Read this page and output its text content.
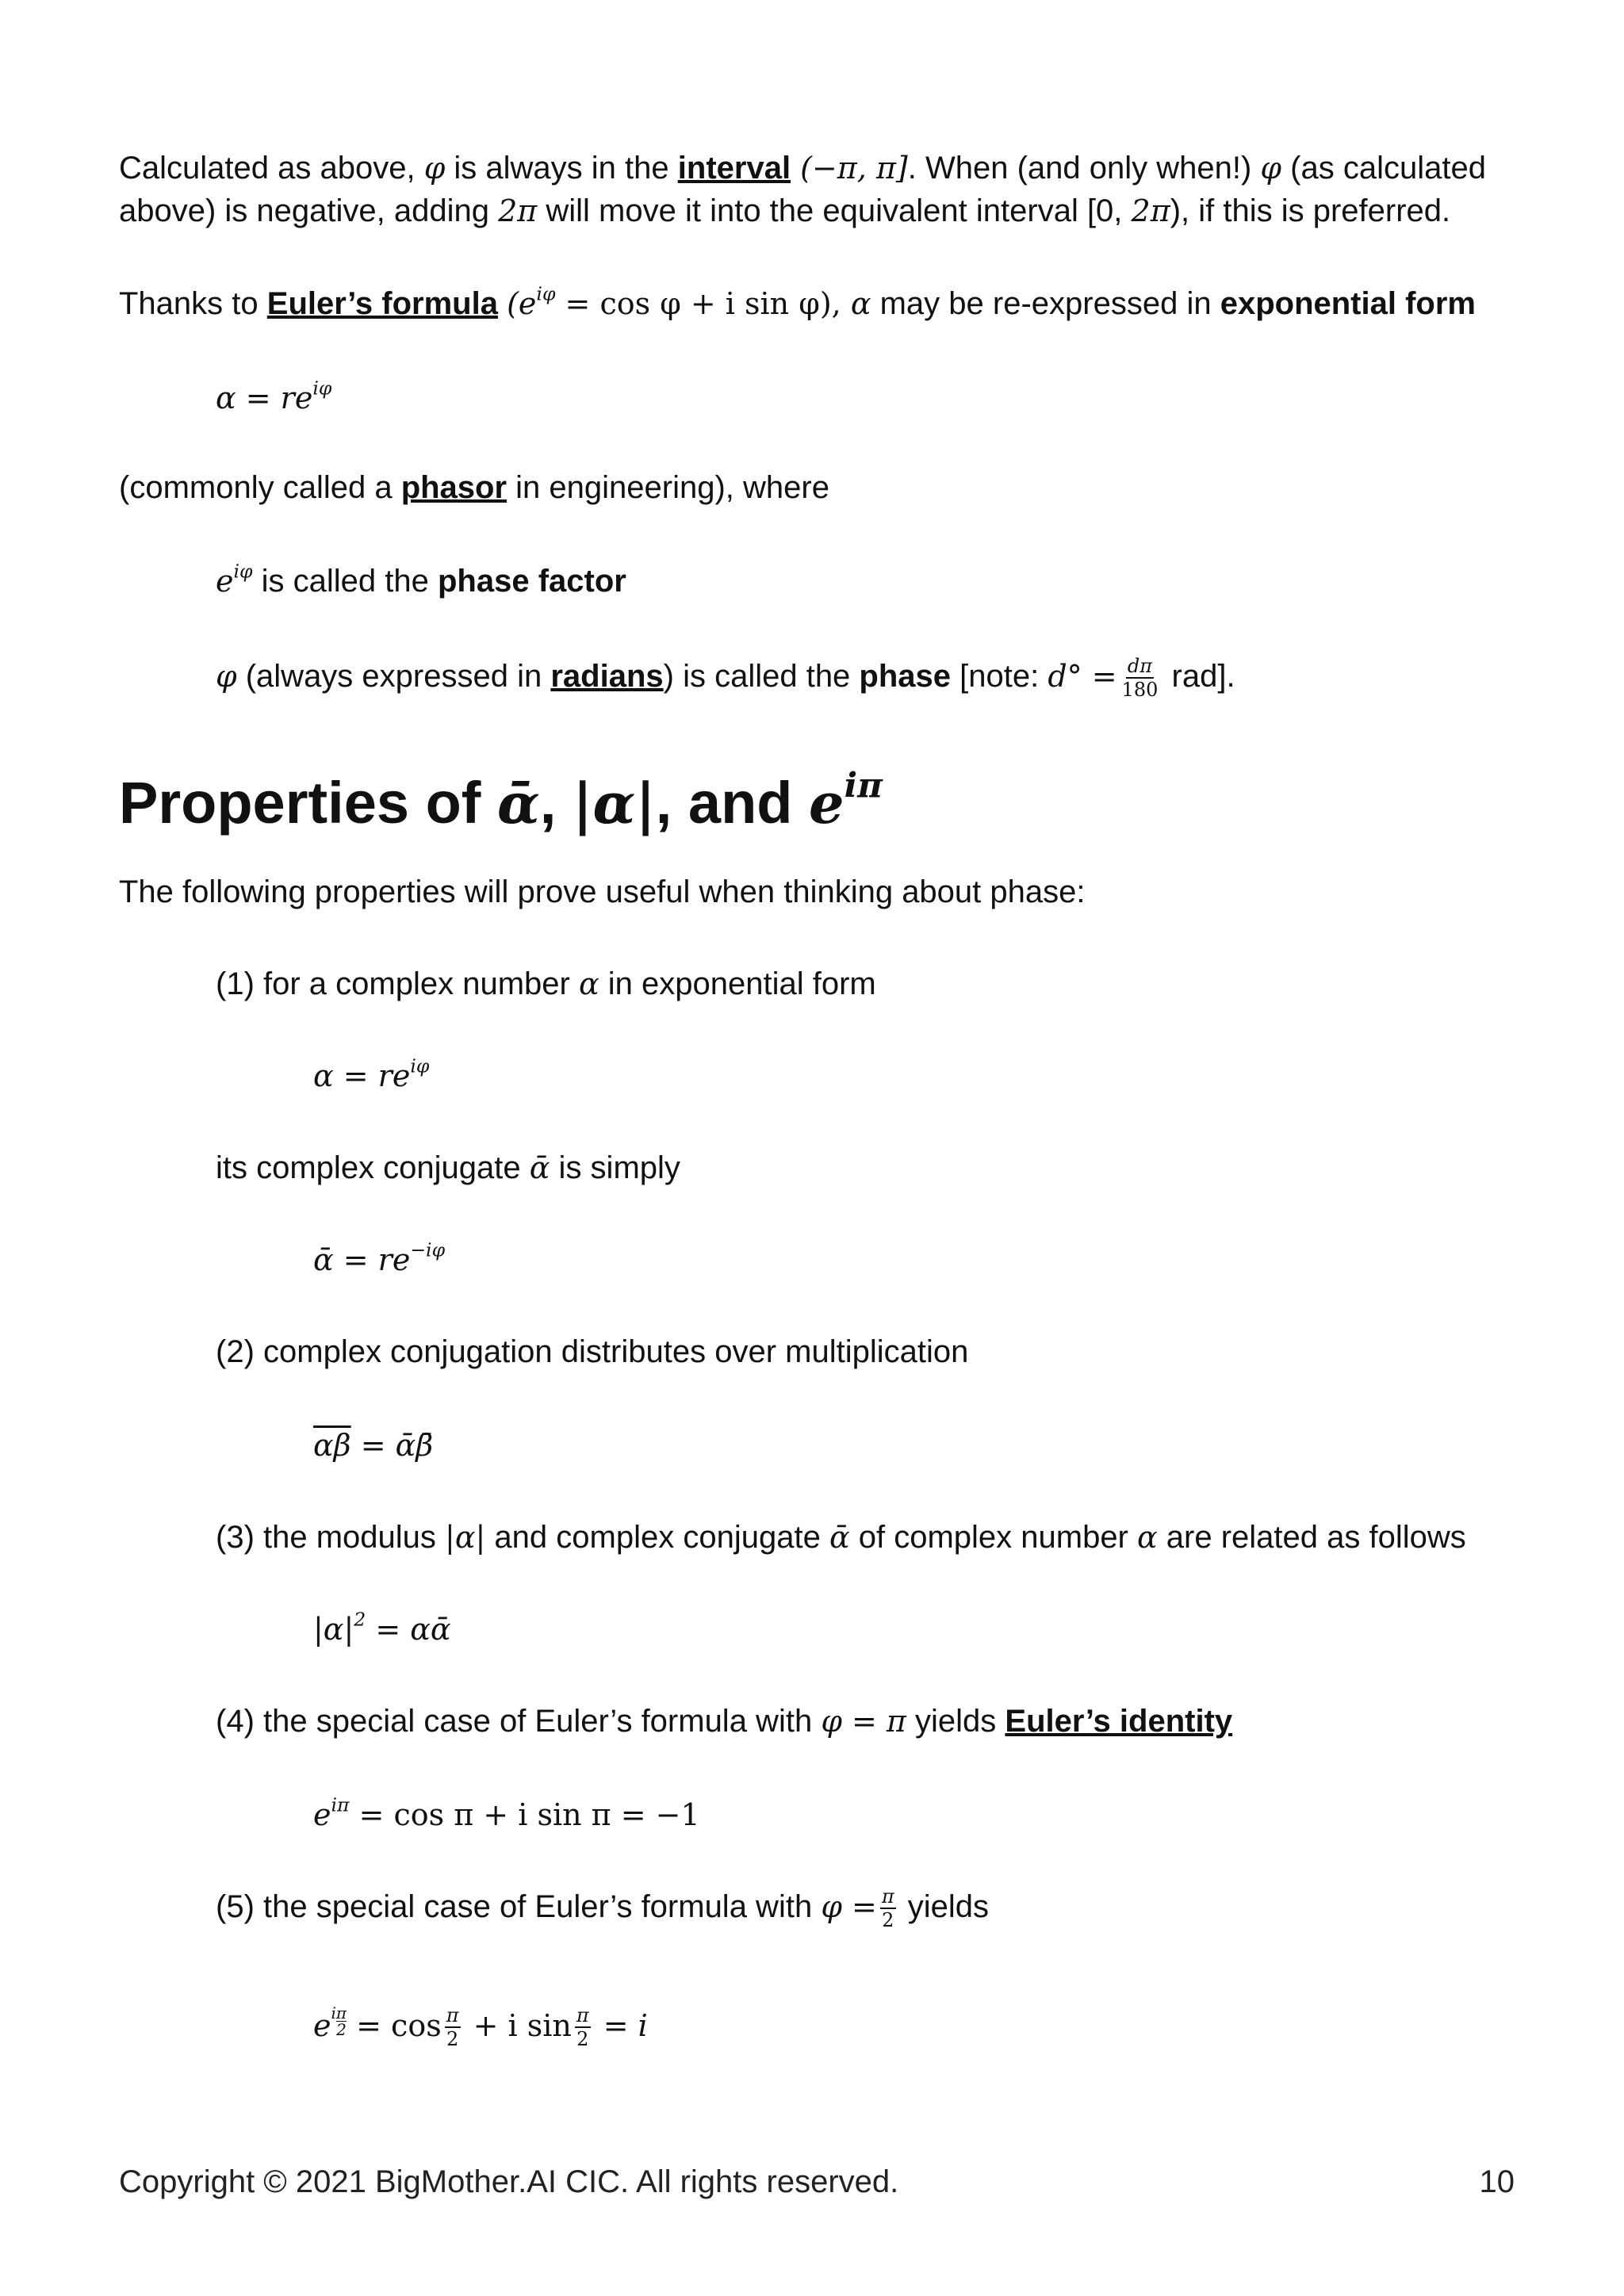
Calculated as above, φ is always in the interval (−π, π]. When (and only when!) φ (as calculated
above) is negative, adding 2π will move it into the equivalent interval [0, 2π), if this is preferred.
Thanks to Euler’s formula ($e^{i\varphi} = \cos \varphi + i$ sin φ), α may be re-expressed in exponential form
$\alpha = re^{i\varphi}$
(commonly called a phasor in engineering), where
$e^{i\varphi}$ is called the phase factor
φ (always expressed in radians) is called the phase [note: $d^\circ = \frac{d\pi}{180} rad$].
Properties of ᾱ, |α|, and $e^{i\pi}$
The following properties will prove useful when thinking about phase:
(1) for a complex number α in exponential form
$\alpha = re^{i\varphi}$
its complex conjugate ᾱ is simply
ᾱ = $re^{-i\varphi}$
(2) complex conjugation distributes over multiplication
$\overline{\alpha\beta}$ = ᾱβ̄
(3) the modulus |α| and complex conjugate ᾱ of complex number α are related as follows
$|\alpha|^2$ = αᾱ
(4) the special case of Euler’s formula with φ = π yields Euler’s identity
$e^{i\pi} = \cos \pi + i$ sin π = −1
(5) the special case of Euler’s formula with $\varphi = \frac{\pi}{2}$ yields
e i $\frac{\pi}{2} = \cos \frac{\pi}{2} + i$ $\sin \frac{\pi}{2} = i$
Copyright © 2021 BigMother.AI CIC. All rights reserved.	10
